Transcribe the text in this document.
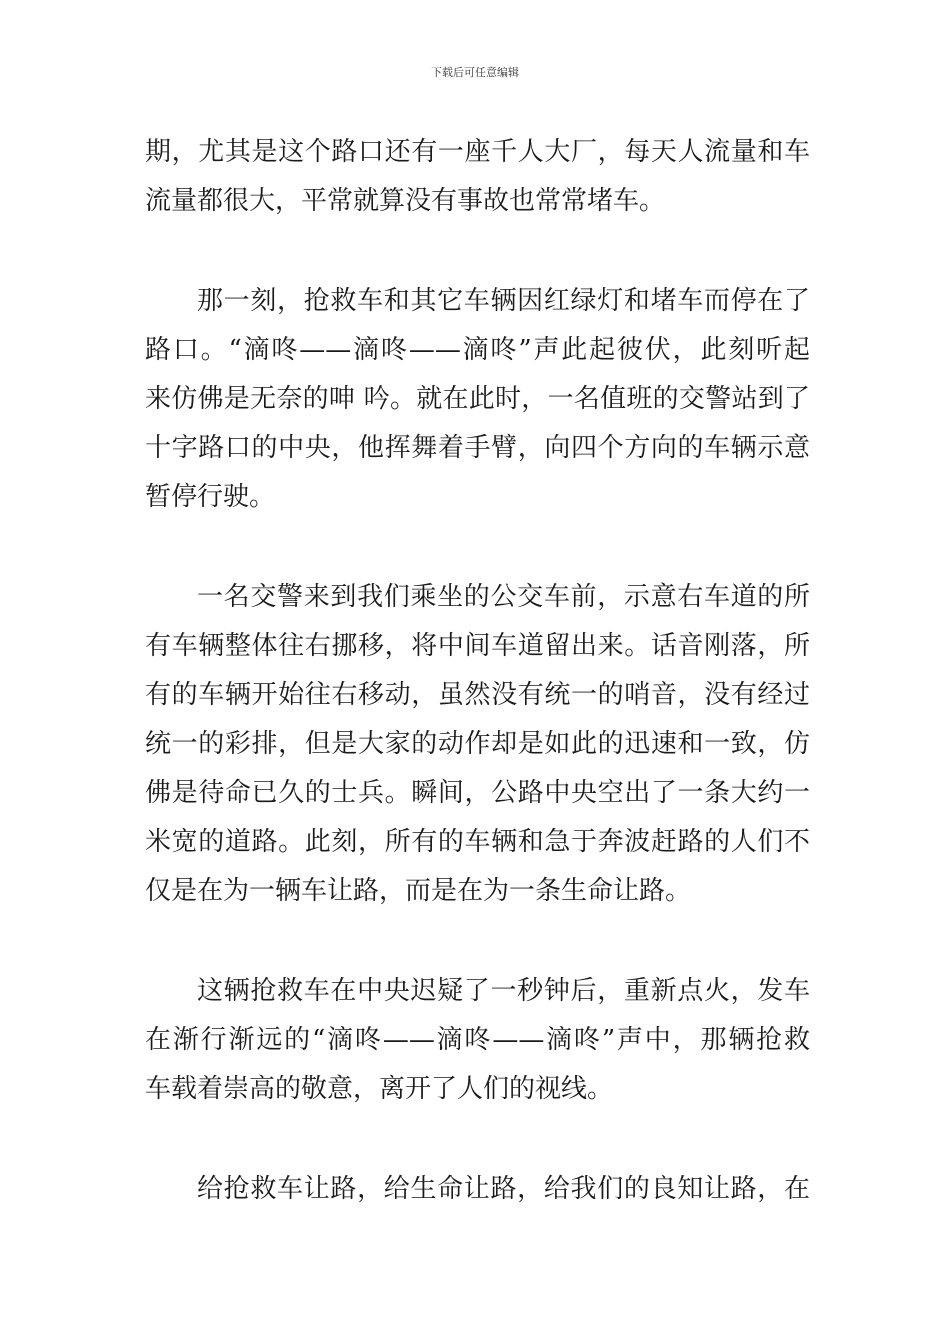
下载后可任意编辑
期，尤其是这个路口还有一座千人大厂，每天人流量和车
流量都很大，平常就算没有事故也常常堵车。
那一刻，抢救车和其它车辆因红绿灯和堵车而停在了
路口。“滴咚——滴咚——滴咚”声此起彼伏，此刻听起
来仿佛是无奈的呻 吟。就在此时，一名值班的交警站到了
十字路口的中央，他挥舞着手臂，向四个方向的车辆示意
暂停行驶。
一名交警来到我们乘坐的公交车前，示意右车道的所
有车辆整体往右挪移，将中间车道留出来。话音刚落，所
有的车辆开始往右移动，虽然没有统一的哨音，没有经过
统一的彩排，但是大家的动作却是如此的迅速和一致，仿
佛是待命已久的士兵。瞬间，公路中央空出了一条大约一
米宽的道路。此刻，所有的车辆和急于奔波赶路的人们不
仅是在为一辆车让路，而是在为一条生命让路。
这辆抢救车在中央迟疑了一秒钟后，重新点火，发车
在渐行渐远的“滴咚——滴咚——滴咚”声中，那辆抢救
车载着崇高的敬意，离开了人们的视线。
给抢救车让路，给生命让路，给我们的良知让路，在
